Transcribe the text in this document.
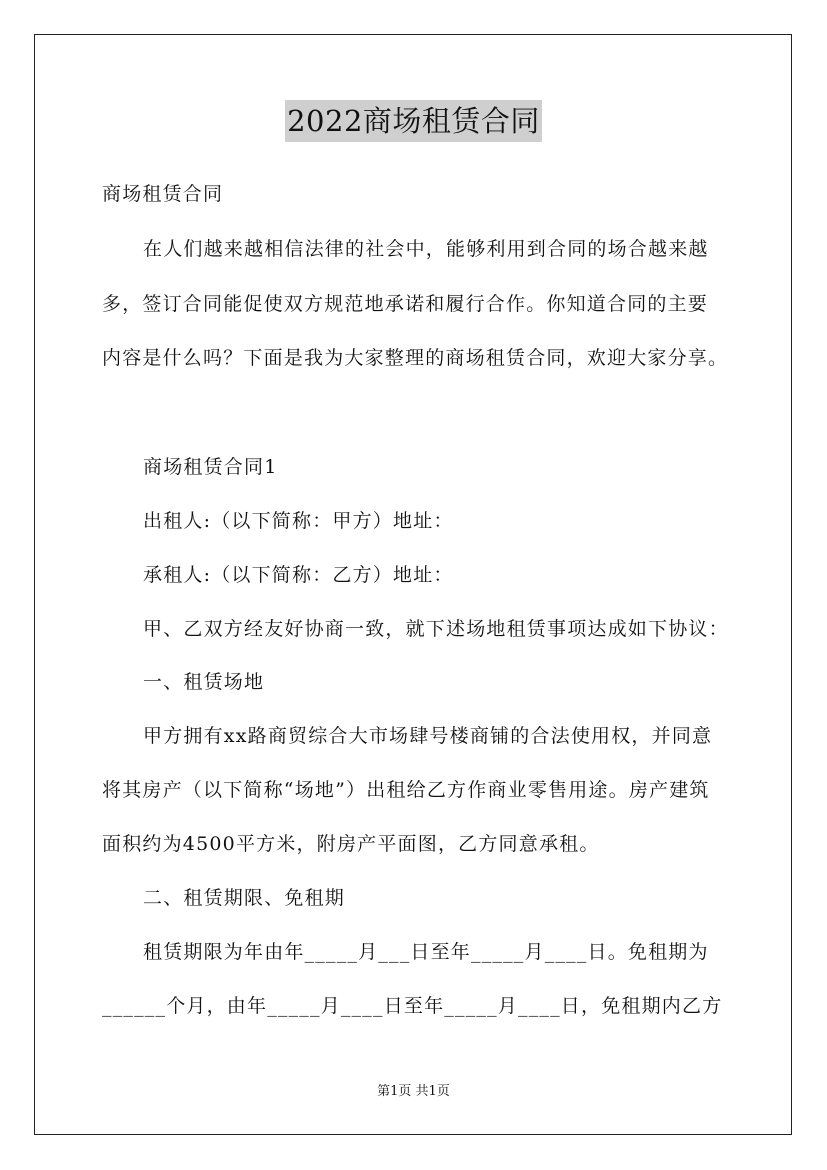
2022商场租赁合同
商场租赁合同
在人们越来越相信法律的社会中，能够利用到合同的场合越来越
多，签订合同能促使双方规范地承诺和履行合作。你知道合同的主要
内容是什么吗？下面是我为大家整理的商场租赁合同，欢迎大家分享。
商场租赁合同1
出租人:（以下简称：甲方）地址：
承租人:（以下简称：乙方）地址：
甲、乙双方经友好协商一致，就下述场地租赁事项达成如下协议：
一、租赁场地
甲方拥有xx路商贸综合大市场肆号楼商铺的合法使用权，并同意
将其房产（以下简称“场地”）出租给乙方作商业零售用途。房产建筑
面积约为4500平方米，附房产平面图，乙方同意承租。
二、租赁期限、免租期
租赁期限为年由年_____月___日至年_____月____日。免租期为
______个月，由年_____月____日至年_____月____日，免租期内乙方
第1页 共1页
